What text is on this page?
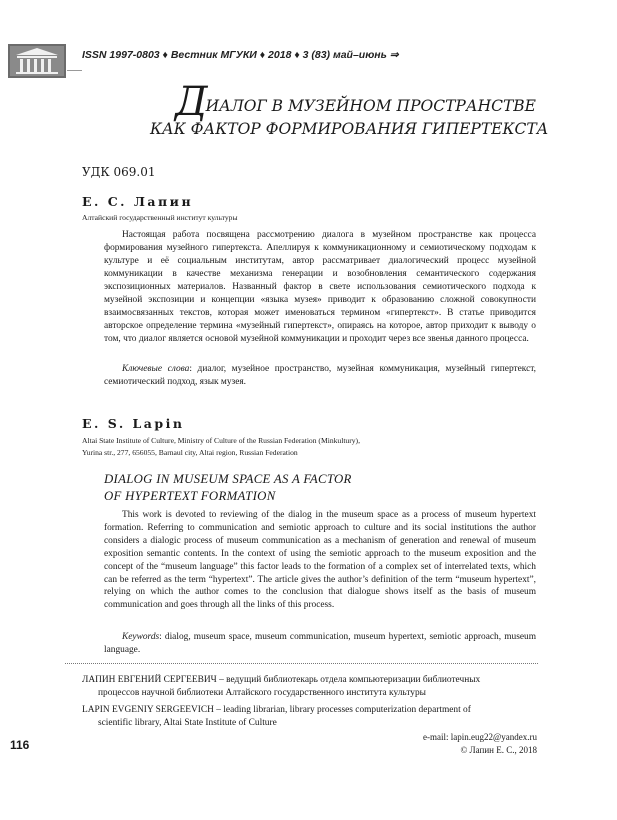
ISSN 1997-0803 ♦ Вестник МГУКИ ♦ 2018 ♦ 3 (83) май–июнь ⇒
ДИАЛОГ В МУЗЕЙНОМ ПРОСТРАНСТВЕ
КАК ФАКТОР ФОРМИРОВАНИЯ ГИПЕРТЕКСТА
УДК 069.01
Е. С. Лапин
Алтайский государственный институт культуры

Настоящая работа посвящена рассмотрению диалога в музейном пространстве как процесса формирования музейного гипертекста. Апеллируя к коммуникационному и семиотическому подходам к культуре и её социальным институтам, автор рассматривает диалогический процесс музейной коммуникации в качестве механизма генерации и возобновления семантического содержания экспозиционных материалов. Названный фактор в свете использования семиотического подхода к музейной экспозиции и концепции «языка музея» приводит к образованию сложной совокупности взаимосвязанных текстов, которая может именоваться термином «гипертекст». В статье приводится авторское определение термина «музейный гипертекст», опираясь на которое, автор приходит к выводу о том, что диалог является основой музейной коммуникации и проходит через все звенья данного процесса.

Ключевые слова: диалог, музейное пространство, музейная коммуникация, музейный гипертекст, семиотический подход, язык музея.

E. S. Lapin
Altai State Institute of Culture, Ministry of Culture of the Russian Federation (Minkultury),
Yurina str., 277, 656055, Barnaul city, Altai region, Russian Federation
DIALOG IN MUSEUM SPACE AS A FACTOR
OF HYPERTEXT FORMATION

This work is devoted to reviewing of the dialog in the museum space as a process of museum hypertext formation. Referring to communication and semiotic approach to culture and its social institutions the author considers a dialogic process of museum communication as a mechanism of generation and renewal of museum exposition semantic contents. In the context of using the semiotic approach to the museum exposition and the concept of the “museum language” this factor leads to the formation of a complex set of interrelated texts, which can be referred as the term “hypertext”. The article gives the author’s definition of the term “museum hypertext”, relying on which the author comes to the conclusion that dialogue shows itself as the basis of museum communication and goes through all the links of this process.

Keywords: dialog, museum space, museum communication, museum hypertext, semiotic approach, museum language.

ЛАПИН ЕВГЕНИЙ СЕРГЕЕВИЧ – ведущий библиотекарь отдела компьютеризации библиотечных
процессов научной библиотеки Алтайского государственного института культуры
LAPIN EVGENIY SERGEEVICH – leading librarian, library processes computerization department of
scientific library, Altai State Institute of Culture
116
e-mail: lapin.eug22@yandex.ru
© Лапин Е. С., 2018
